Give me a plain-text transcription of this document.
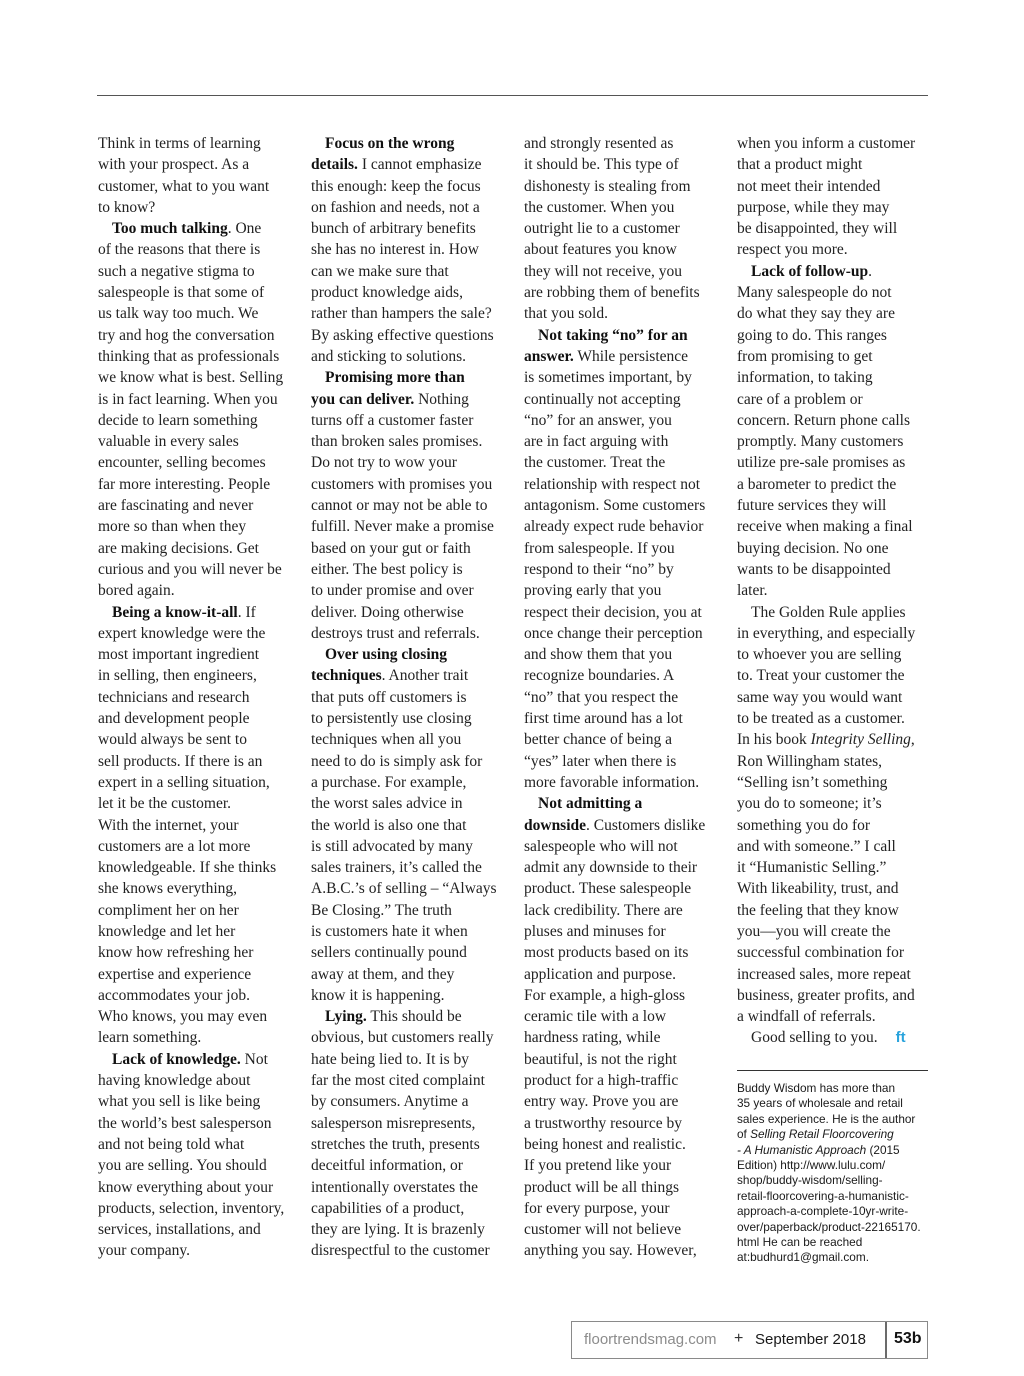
Think in terms of learning
with your prospect. As a
customer, what to you want
to know?
Too much talking. One
of the reasons that there is
such a negative stigma to
salespeople is that some of
us talk way too much. We
try and hog the conversation
thinking that as professionals
we know what is best. Selling
is in fact learning. When you
decide to learn something
valuable in every sales
encounter, selling becomes
far more interesting. People
are fascinating and never
more so than when they
are making decisions. Get
curious and you will never be
bored again.
Being a know-it-all. If
expert knowledge were the
most important ingredient
in selling, then engineers,
technicians and research
and development people
would always be sent to
sell products. If there is an
expert in a selling situation,
let it be the customer.
With the internet, your
customers are a lot more
knowledgeable. If she thinks
she knows everything,
compliment her on her
knowledge and let her
know how refreshing her
expertise and experience
accommodates your job.
Who knows, you may even
learn something.
Lack of knowledge. Not
having knowledge about
what you sell is like being
the world’s best salesperson
and not being told what
you are selling. You should
know everything about your
products, selection, inventory,
services, installations, and
your company.
Focus on the wrong
details. I cannot emphasize
this enough: keep the focus
on fashion and needs, not a
bunch of arbitrary benefits
she has no interest in. How
can we make sure that
product knowledge aids,
rather than hampers the sale?
By asking effective questions
and sticking to solutions.
Promising more than
you can deliver. Nothing
turns off a customer faster
than broken sales promises.
Do not try to wow your
customers with promises you
cannot or may not be able to
fulfill. Never make a promise
based on your gut or faith
either. The best policy is
to under promise and over
deliver. Doing otherwise
destroys trust and referrals.
Over using closing
techniques. Another trait
that puts off customers is
to persistently use closing
techniques when all you
need to do is simply ask for
a purchase. For example,
the worst sales advice in
the world is also one that
is still advocated by many
sales trainers, it’s called the
A.B.C.’s of selling – “Always
Be Closing.” The truth
is customers hate it when
sellers continually pound
away at them, and they
know it is happening.
Lying. This should be
obvious, but customers really
hate being lied to. It is by
far the most cited complaint
by consumers. Anytime a
salesperson misrepresents,
stretches the truth, presents
deceitful information, or
intentionally overstates the
capabilities of a product,
they are lying. It is brazenly
disrespectful to the customer
and strongly resented as
it should be. This type of
dishonesty is stealing from
the customer. When you
outright lie to a customer
about features you know
they will not receive, you
are robbing them of benefits
that you sold.
Not taking “no” for an
answer. While persistence
is sometimes important, by
continually not accepting
“no” for an answer, you
are in fact arguing with
the customer. Treat the
relationship with respect not
antagonism. Some customers
already expect rude behavior
from salespeople. If you
respond to their “no” by
proving early that you
respect their decision, you at
once change their perception
and show them that you
recognize boundaries. A
“no” that you respect the
first time around has a lot
better chance of being a
“yes” later when there is
more favorable information.
Not admitting a
downside. Customers dislike
salespeople who will not
admit any downside to their
product. These salespeople
lack credibility. There are
pluses and minuses for
most products based on its
application and purpose.
For example, a high-gloss
ceramic tile with a low
hardness rating, while
beautiful, is not the right
product for a high-traffic
entry way. Prove you are
a trustworthy resource by
being honest and realistic.
If you pretend like your
product will be all things
for every purpose, your
customer will not believe
anything you say. However,
when you inform a customer
that a product might
not meet their intended
purpose, while they may
be disappointed, they will
respect you more.
Lack of follow-up.
Many salespeople do not
do what they say they are
going to do. This ranges
from promising to get
information, to taking
care of a problem or
concern. Return phone calls
promptly. Many customers
utilize pre-sale promises as
a barometer to predict the
future services they will
receive when making a final
buying decision. No one
wants to be disappointed
later.
The Golden Rule applies
in everything, and especially
to whoever you are selling
to. Treat your customer the
same way you would want
to be treated as a customer.
In his book Integrity Selling,
Ron Willingham states,
“Selling isn’t something
you do to someone; it’s
something you do for
and with someone.” I call
it “Humanistic Selling.”
With likeability, trust, and
the feeling that they know
you—you will create the
successful combination for
increased sales, more repeat
business, greater profits, and
a windfall of referrals.
Good selling to you. ft
Buddy Wisdom has more than
35 years of wholesale and retail
sales experience. He is the author
of Selling Retail Floorcovering
- A Humanistic Approach (2015
Edition) http://www.lulu.com/
shop/buddy-wisdom/selling-
retail-floorcovering-a-humanistic-
approach-a-complete-10yr-write-
over/paperback/product-22165170.
html He can be reached
at:budhurd1@gmail.com.
floortrendsmag.com + September 2018 53b
